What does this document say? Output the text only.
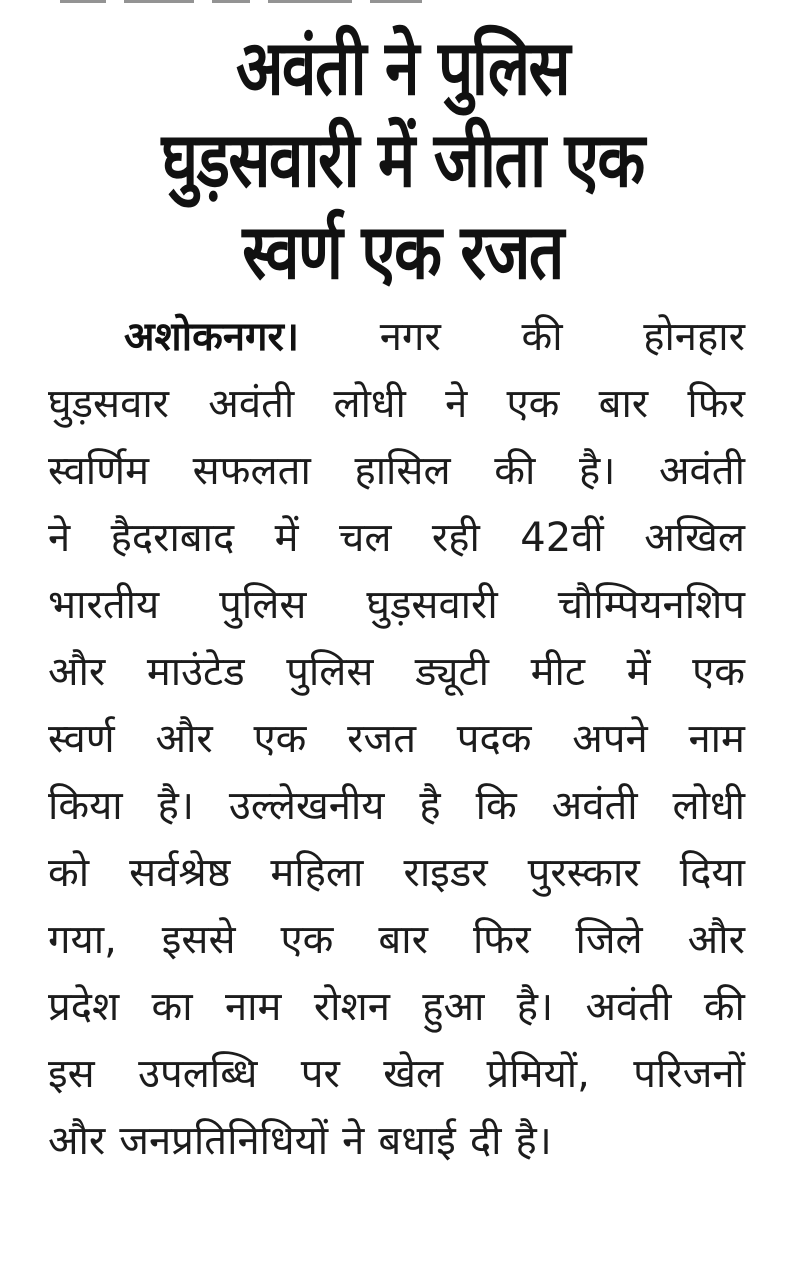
अवंती ने पुलिस
घुड़सवारी में जीता एक
स्वर्ण एक रजत
अशोकनगर। नगर की होनहार
घुड़सवार अवंती लोधी ने एक बार फिर
स्वर्णिम सफलता हासिल की है। अवंती
ने हैदराबाद में चल रही 42वीं अखिल
भारतीय पुलिस घुड़सवारी चौम्पियनशिप
और माउंटेड पुलिस ड्यूटी मीट में एक
स्वर्ण और एक रजत पदक अपने नाम
किया है। उल्लेखनीय है कि अवंती लोधी
को सर्वश्रेष्ठ महिला राइडर पुरस्कार दिया
गया, इससे एक बार फिर जिले और
प्रदेश का नाम रोशन हुआ है। अवंती की
इस उपलब्धि पर खेल प्रेमियों, परिजनों
और जनप्रतिनिधियों ने बधाई दी है।
